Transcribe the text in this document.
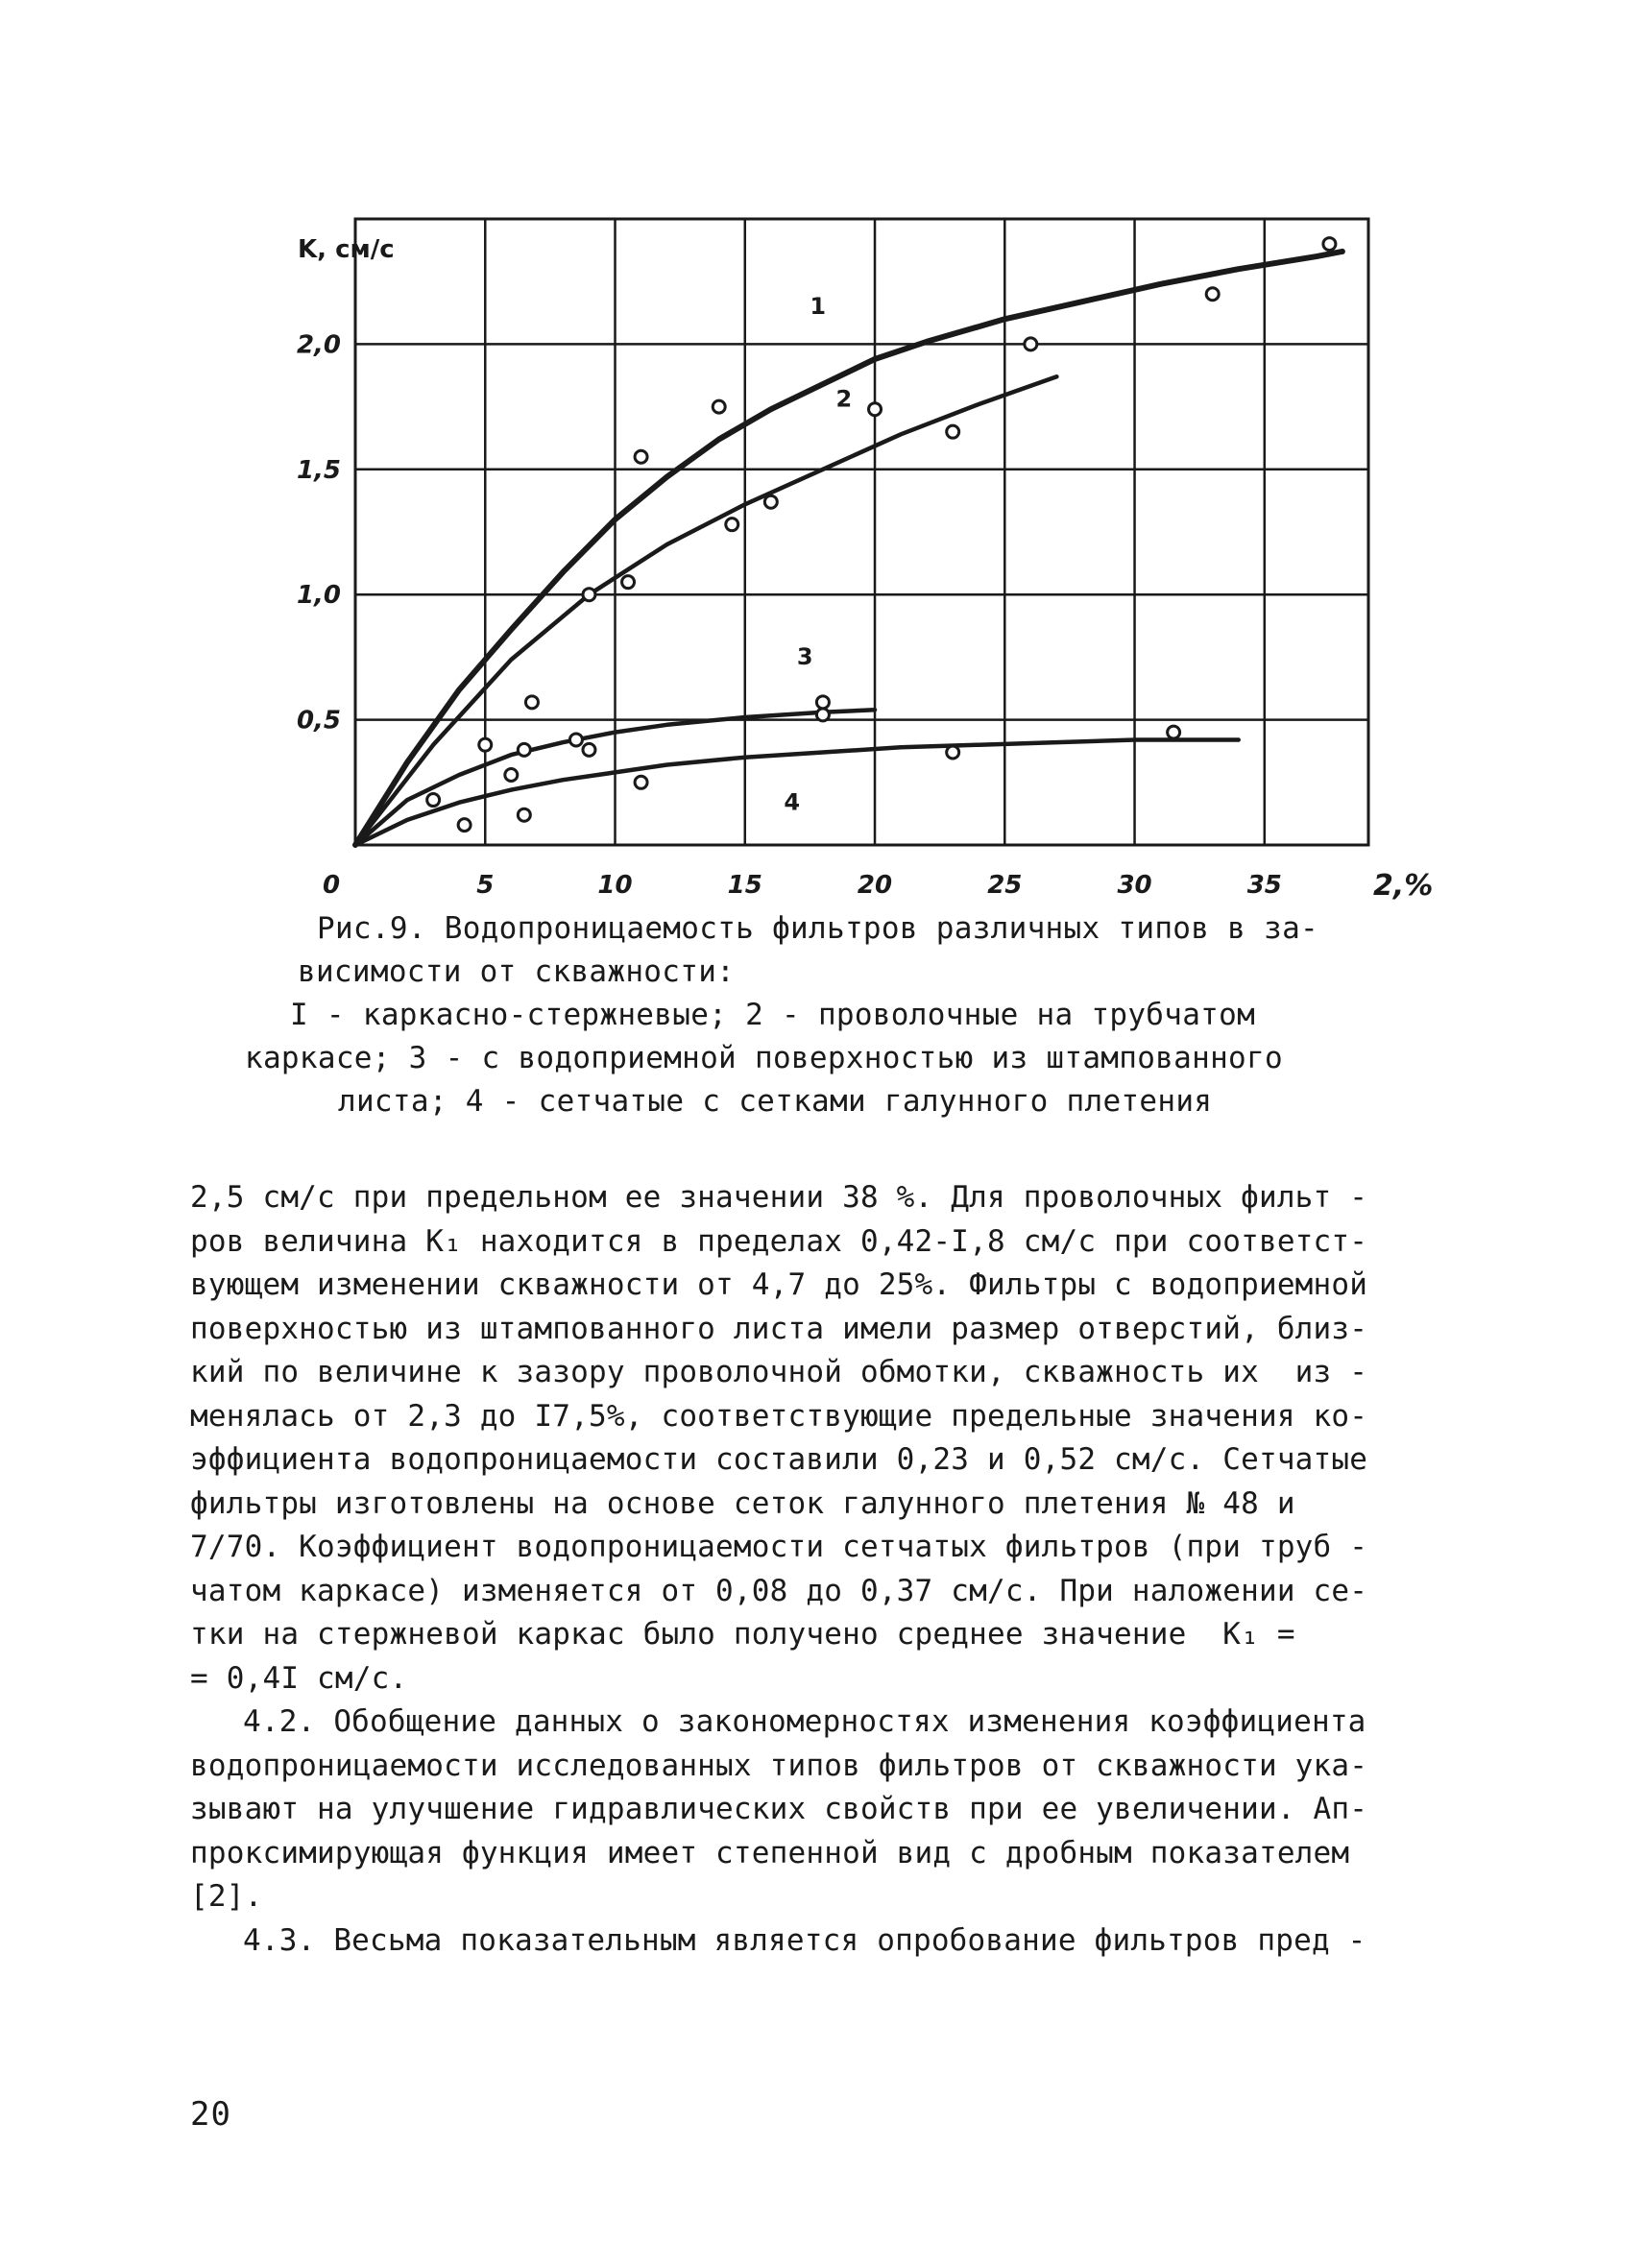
0	5	10	15	20	25	30	35
0,5
1,0
1,5
2,0
K, см/с
2,%
1
2
3
4
Рис.9. Водопроницаемость фильтров различных типов в за-
висимости от скважности:
I - каркасно-стержневые; 2 - проволочные на трубчатом
каркасе; 3 - с водоприемной поверхностью из штампованного
листа; 4 - сетчатые с сетками галунного плетения
2,5 см/с при предельном ее значении 38 %. Для проволочных фильт -
ров величина K₁ находится в пределах 0,42-I,8 см/с при соответст-
вующем изменении скважности от 4,7 до 25%. Фильтры с водоприемной
поверхностью из штампованного листа имели размер отверстий, близ-
кий по величине к зазору проволочной обмотки, скважность их  из -
менялась от 2,3 до I7,5%, соответствующие предельные значения ко-
эффициента водопроницаемости составили 0,23 и 0,52 см/с. Сетчатые
фильтры изготовлены на основе сеток галунного плетения № 48 и
7/70. Коэффициент водопроницаемости сетчатых фильтров (при труб -
чатом каркасе) изменяется от 0,08 до 0,37 см/с. При наложении се-
тки на стержневой каркас было получено среднее значение  K₁ =
= 0,4I см/с.
4.2. Обобщение данных о закономерностях изменения коэффициента
водопроницаемости исследованных типов фильтров от скважности ука-
зывают на улучшение гидравлических свойств при ее увеличении. Ап-
проксимирующая функция имеет степенной вид с дробным показателем
[2].
4.3. Весьма показательным является опробование фильтров пред -
20
